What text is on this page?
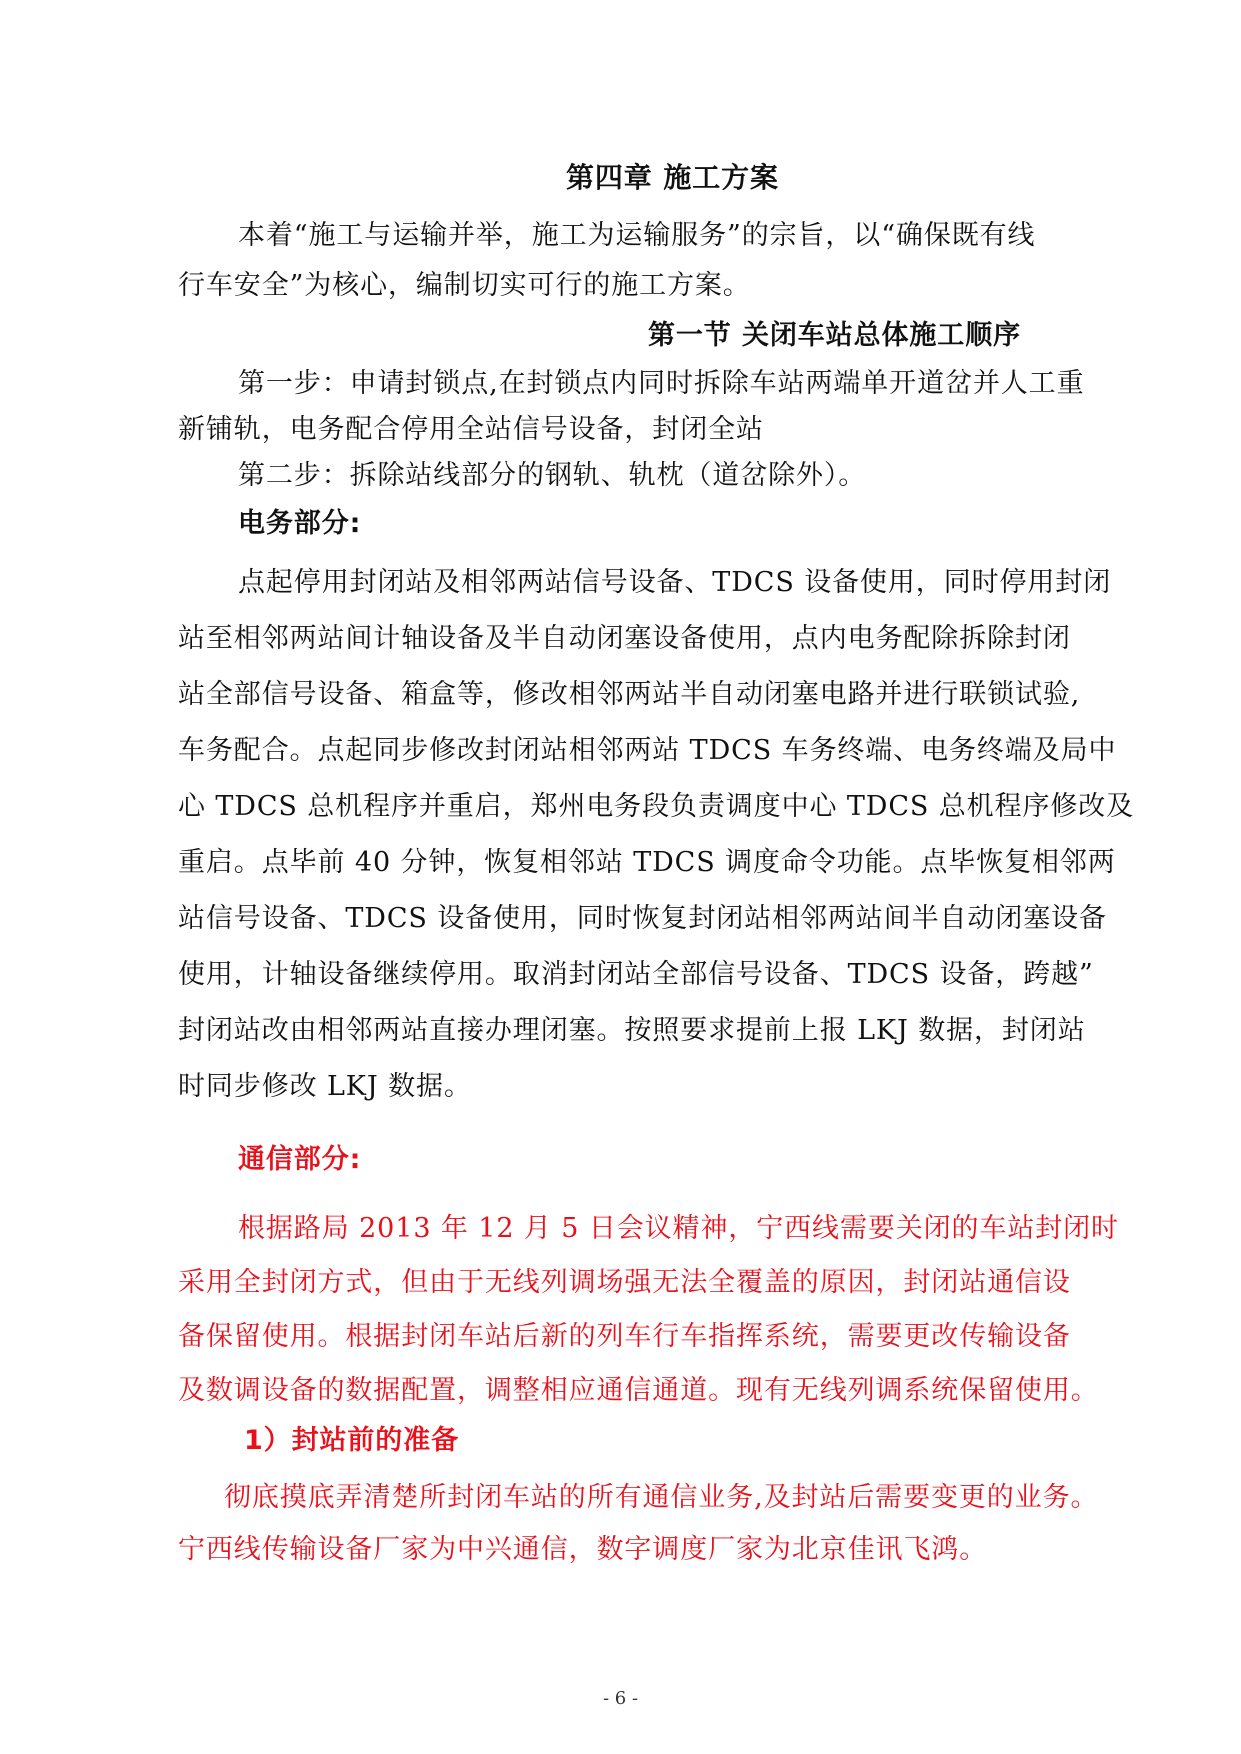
第四章 施工方案
本着“施工与运输并举，施工为运输服务”的宗旨，以“确保既有线
行车安全”为核心，编制切实可行的施工方案。
第一节 关闭车站总体施工顺序
第一步：申请封锁点,在封锁点内同时拆除车站两端单开道岔并人工重
新铺轨，电务配合停用全站信号设备，封闭全站
第二步：拆除站线部分的钢轨、轨枕（道岔除外）。
电务部分:
点起停用封闭站及相邻两站信号设备、TDCS 设备使用，同时停用封闭
站至相邻两站间计轴设备及半自动闭塞设备使用，点内电务配除拆除封闭
站全部信号设备、箱盒等，修改相邻两站半自动闭塞电路并进行联锁试验,
车务配合。点起同步修改封闭站相邻两站 TDCS 车务终端、电务终端及局中
心 TDCS 总机程序并重启，郑州电务段负责调度中心 TDCS 总机程序修改及
重启。点毕前 40 分钟，恢复相邻站 TDCS 调度命令功能。点毕恢复相邻两
站信号设备、TDCS 设备使用，同时恢复封闭站相邻两站间半自动闭塞设备
使用，计轴设备继续停用。取消封闭站全部信号设备、TDCS 设备，跨越”
封闭站改由相邻两站直接办理闭塞。按照要求提前上报 LKJ 数据，封闭站
时同步修改 LKJ 数据。
通信部分:
根据路局 2013 年 12 月 5 日会议精神，宁西线需要关闭的车站封闭时
采用全封闭方式，但由于无线列调场强无法全覆盖的原因，封闭站通信设
备保留使用。根据封闭车站后新的列车行车指挥系统，需要更改传输设备
及数调设备的数据配置，调整相应通信通道。现有无线列调系统保留使用。
1）封站前的准备
彻底摸底弄清楚所封闭车站的所有通信业务,及封站后需要变更的业务。
宁西线传输设备厂家为中兴通信，数字调度厂家为北京佳讯飞鸿。
- 6 -
